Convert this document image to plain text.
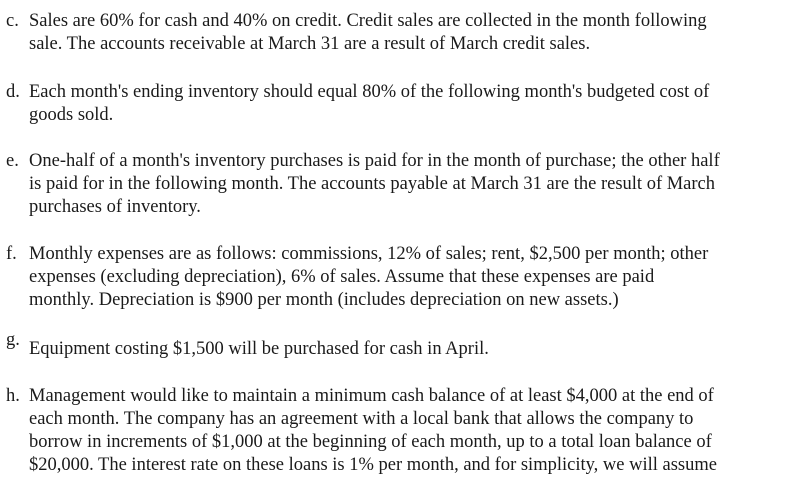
c. Sales are 60% for cash and 40% on credit. Credit sales are collected in the month following
sale. The accounts receivable at March 31 are a result of March credit sales.
d. Each month's ending inventory should equal 80% of the following month's budgeted cost of
goods sold.
e. One-half of a month's inventory purchases is paid for in the month of purchase; the other half
is paid for in the following month. The accounts payable at March 31 are the result of March
purchases of inventory.
f. Monthly expenses are as follows: commissions, 12% of sales; rent, $2,500 per month; other
expenses (excluding depreciation), 6% of sales. Assume that these expenses are paid
monthly. Depreciation is $900 per month (includes depreciation on new assets.)
g. Equipment costing $1,500 will be purchased for cash in April.
h. Management would like to maintain a minimum cash balance of at least $4,000 at the end of
each month. The company has an agreement with a local bank that allows the company to
borrow in increments of $1,000 at the beginning of each month, up to a total loan balance of
$20,000. The interest rate on these loans is 1% per month, and for simplicity, we will assume
